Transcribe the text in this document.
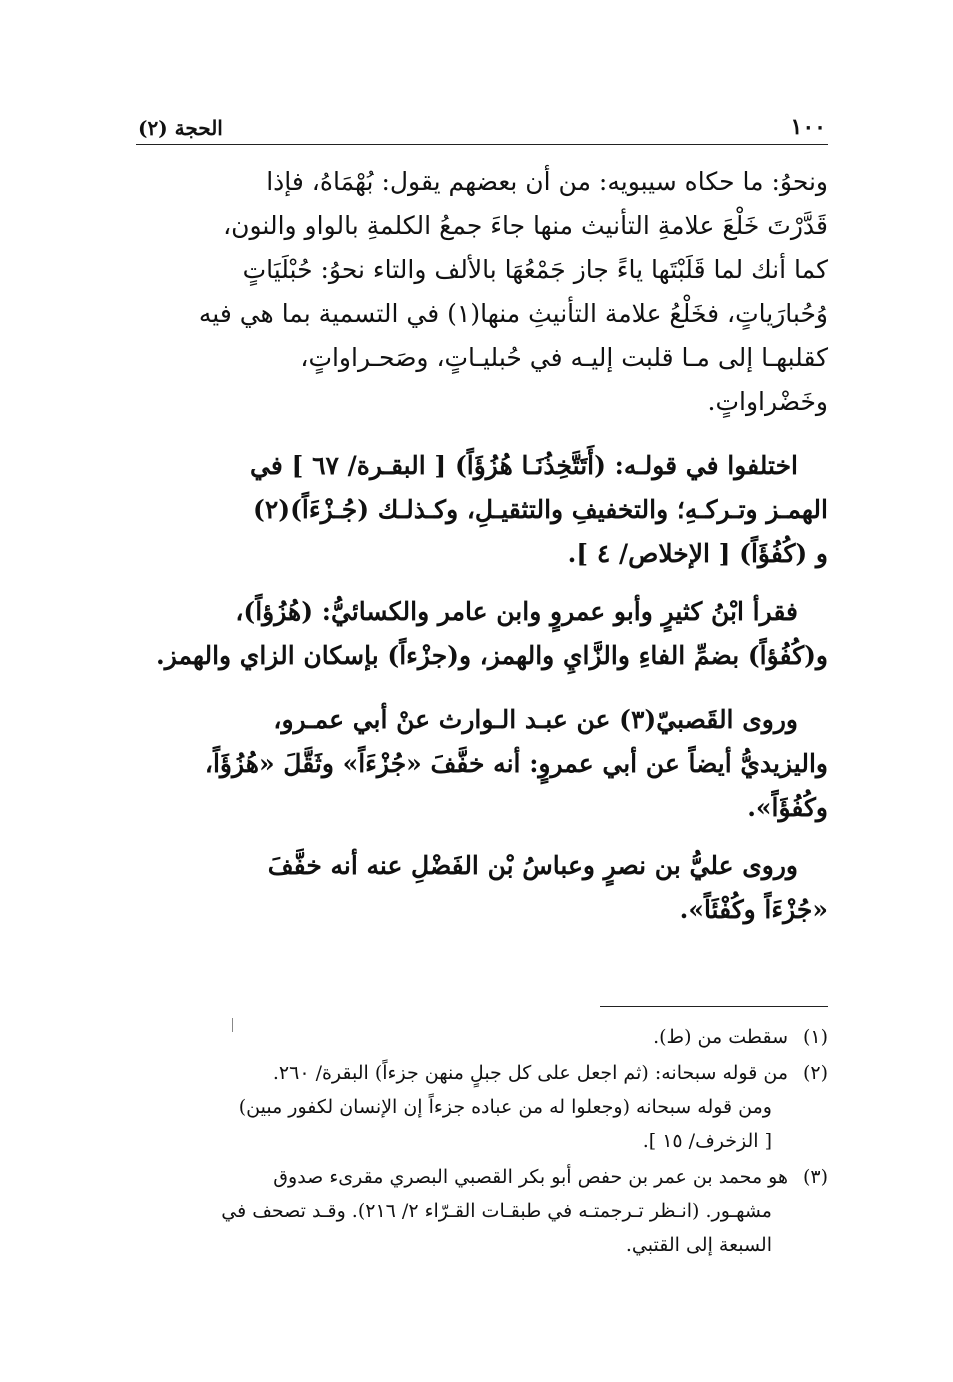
١٠٠
الحجة (٢)

ونحوُ: ما حكاه سيبويه: من أن بعضهم يقول: بُهْمَاهُ، فإذا

قَدَّرْتَ خَلْعَ علامةِ التأنيث منها جاءَ جمعُ الكلمةِ بالواو والنون،

كما أنك لما قَلَبْتَها ياءً جاز جَمْعُهَا بالألف والتاء نحوُ: حُبْلَيَاتٍ

وُحُبارَياتٍ، فخَلْعُ علامة التأنيثِ منها(١) في التسمية بما هي فيه

كقلبهـا إلى مـا قلبت إليـه في حُبليـاتٍ، وصَحـراواتٍ،

وخَضْراواتٍ.

اختلفوا في قولـه: (أَتَتَّخِذُنَـا هُزُؤَاً) [ البقـرة/ ٦٧ ] في

الهمـز وتـركـهِ؛ والتخفيفِ والتثقيـلِ، وكـذلـك (جُـزْءَاً)(٢)

و (كُفُؤَاً) [ الإخلاص/ ٤ ].

فقرأ ابْنُ كثيرٍ وأبو عمروٍ وابن عامر والكسائيُّ: (هُزُؤاً)،

و(كُفُؤاً) بضمِّ الفاءِ والزَّايِ والهمز، و(جزْءاً) بإسكان الزاي والهمز.

وروى القَصبيّ(٣) عن عبـد الـوارث عنْ أبي عمـرو،

واليزيديُّ أيضاً عن أبي عمروٍ: أنه خفَّفَ «جُزْءَاً» وثَقَّلَ «هُزُؤَاً،

وكُفُؤَاً».

وروى عليُّ بن نصرٍ وعباسُ بْن الفَضْلِ عنه أنه خفَّفَ

«جُزْءَاً وكُفْئَاً».

(١)
سقطت من (ط).
(٢)
من قوله سبحانه: (ثم اجعل على كل جبلٍ منهن جزءاً) البقرة/ ٢٦٠.
ومن قوله سبحانه (وجعلوا له من عباده جزءاً إن الإنسان لكفور مبين)
[ الزخرف/ ١٥ ].
(٣)
هو محمد بن عمر بن حفص أبو بكر القصبي البصري مقرىء صدوق
مشهـور. (انـظر تـرجمتـه في طبقـات القـرّاء ٢/ ٢١٦). وقـد تصحف في
السبعة إلى القتبي.
